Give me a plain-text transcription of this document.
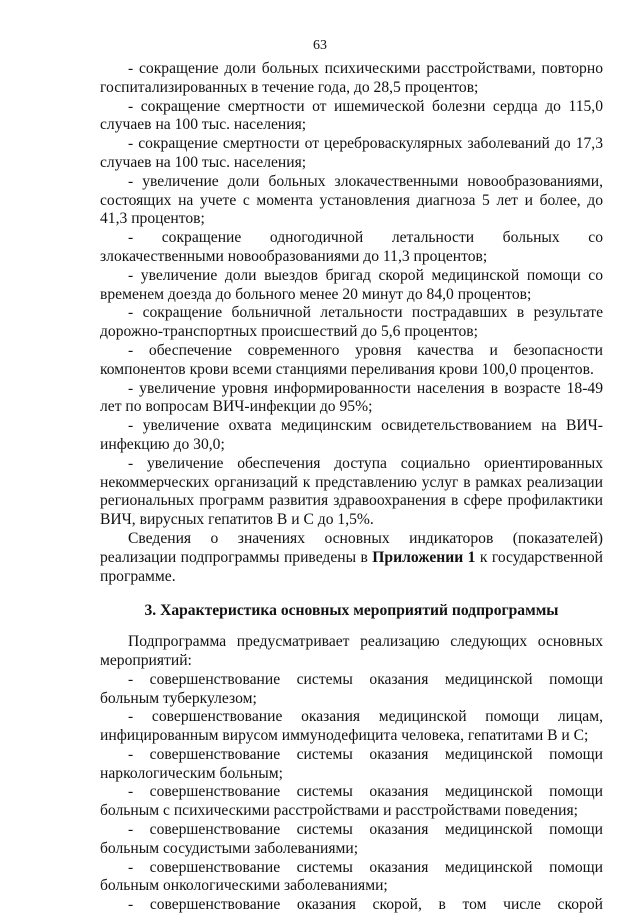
63

- сокращение доли больных психическими расстройствами, повторно госпитализированных в течение года, до 28,5 процентов;

- сокращение смертности от ишемической болезни сердца до 115,0 случаев на 100 тыс. населения;

- сокращение смертности от цереброваскулярных заболеваний до 17,3 случаев на 100 тыс. населения;

- увеличение доли больных злокачественными новообразованиями, состоящих на учете с момента установления диагноза 5 лет и более, до 41,3 процентов;

- сокращение одногодичной летальности больных со злокачественными новообразованиями до 11,3 процентов;

- увеличение доли выездов бригад скорой медицинской помощи со временем доезда до больного менее 20 минут до 84,0 процентов;

- сокращение больничной летальности пострадавших в результате дорожно-транспортных происшествий до 5,6 процентов;

- обеспечение современного уровня качества и безопасности компонентов крови всеми станциями переливания крови 100,0 процентов.

- увеличение уровня информированности населения в возрасте 18-49 лет по вопросам ВИЧ-инфекции до 95%;

- увеличение охвата медицинским освидетельствованием на ВИЧ-инфекцию до 30,0;

- увеличение обеспечения доступа социально ориентированных некоммерческих организаций к представлению услуг в рамках реализации региональных программ развития здравоохранения в сфере профилактики ВИЧ, вирусных гепатитов В и С до 1,5%.

Сведения о значениях основных индикаторов (показателей) реализации подпрограммы приведены в Приложении 1 к государственной программе.

3. Характеристика основных мероприятий подпрограммы

Подпрограмма предусматривает реализацию следующих основных мероприятий:

- совершенствование системы оказания медицинской помощи больным туберкулезом;

- совершенствование оказания медицинской помощи лицам, инфицированным вирусом иммунодефицита человека, гепатитами В и С;

- совершенствование системы оказания медицинской помощи наркологическим больным;

- совершенствование системы оказания медицинской помощи больным с психическими расстройствами и расстройствами поведения;

- совершенствование системы оказания медицинской помощи больным сосудистыми заболеваниями;

- совершенствование системы оказания медицинской помощи больным онкологическими заболеваниями;

- совершенствование оказания скорой, в том числе скорой
